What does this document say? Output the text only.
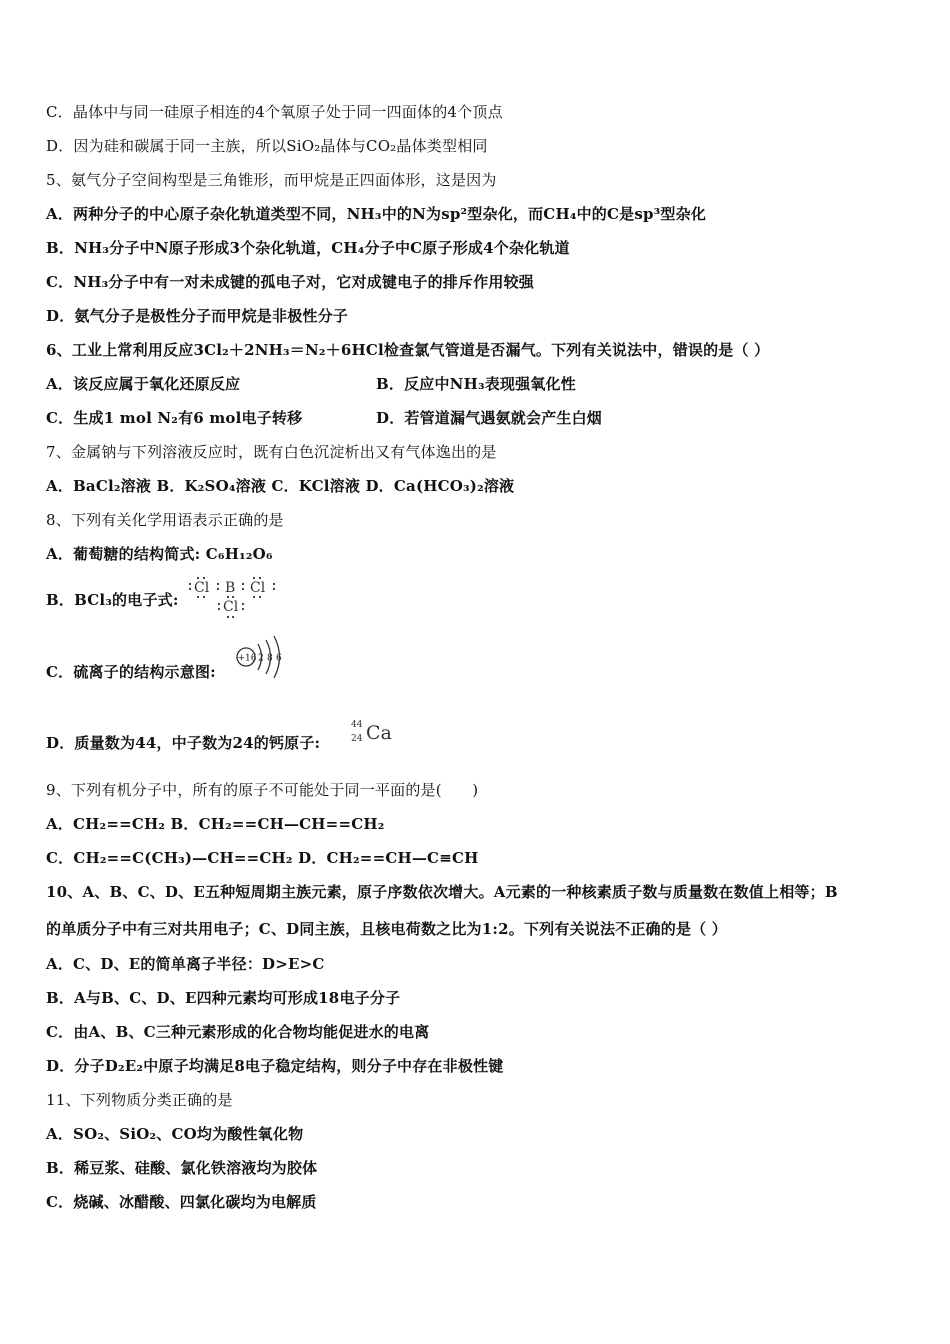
C．晶体中与同一硅原子相连的4个氧原子处于同一四面体的4个顶点
D．因为硅和碳属于同一主族，所以SiO₂晶体与CO₂晶体类型相同
5、氨气分子空间构型是三角锥形，而甲烷是正四面体形，这是因为
A．两种分子的中心原子杂化轨道类型不同，NH₃中的N为sp²型杂化，而CH₄中的C是sp³型杂化
B．NH₃分子中N原子形成3个杂化轨道，CH₄分子中C原子形成4个杂化轨道
C．NH₃分子中有一对未成键的孤电子对，它对成键电子的排斥作用较强
D．氨气分子是极性分子而甲烷是非极性分子
6、工业上常利用反应3Cl₂＋2NH₃＝N₂＋6HCl检查氯气管道是否漏气。下列有关说法中，错误的是（ ）
A．该反应属于氧化还原反应	B．反应中NH₃表现强氧化性
C．生成1 mol N₂有6 mol电子转移	D．若管道漏气遇氨就会产生白烟
7、金属钠与下列溶液反应时，既有白色沉淀析出又有气体逸出的是
A．BaCl₂溶液 B．K₂SO₄溶液 C．KCl溶液 D．Ca(HCO₃)₂溶液
8、下列有关化学用语表示正确的是
A．葡萄糖的结构简式: C₆H₁₂O₆
B．BCl₃的电子式:
Cl B Cl
Cl
C．硫离子的结构示意图:
+16 2 8 6
D．质量数为44，中子数为24的钙原子:
44
24 Ca
9、下列有机分子中，所有的原子不可能处于同一平面的是(　　)
A．CH₂==CH₂ B．CH₂==CH—CH==CH₂
C．CH₂==C(CH₃)—CH==CH₂ D．CH₂==CH—C≡CH
10、A、B、C、D、E五种短周期主族元素，原子序数依次增大。A元素的一种核素质子数与质量数在数值上相等；B
的单质分子中有三对共用电子；C、D同主族，且核电荷数之比为1:2。下列有关说法不正确的是（ ）
A．C、D、E的简单离子半径：D>E>C
B．A与B、C、D、E四种元素均可形成18电子分子
C．由A、B、C三种元素形成的化合物均能促进水的电离
D．分子D₂E₂中原子均满足8电子稳定结构，则分子中存在非极性键
11、下列物质分类正确的是
A．SO₂、SiO₂、CO均为酸性氧化物
B．稀豆浆、硅酸、氯化铁溶液均为胶体
C．烧碱、冰醋酸、四氯化碳均为电解质
